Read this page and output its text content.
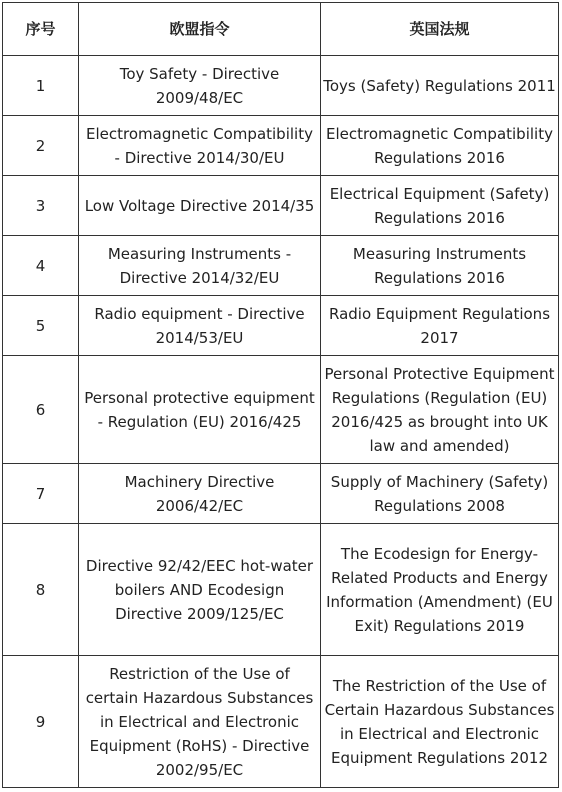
序号	欧盟指令	英国法规
1	Toy Safety - Directive 2009/48/EC	Toys (Safety) Regulations 2011
2	Electromagnetic Compatibility - Directive 2014/30/EU	Electromagnetic Compatibility Regulations 2016
3	Low Voltage Directive 2014/35	Electrical Equipment (Safety) Regulations 2016
4	Measuring Instruments - Directive 2014/32/EU	Measuring Instruments Regulations 2016
5	Radio equipment - Directive 2014/53/EU	Radio Equipment Regulations 2017
6	Personal protective equipment - Regulation (EU) 2016/425	Personal Protective Equipment Regulations (Regulation (EU) 2016/425 as brought into UK law and amended)
7	Machinery Directive 2006/42/EC	Supply of Machinery (Safety) Regulations 2008
8	Directive 92/42/EEC hot-water boilers AND Ecodesign Directive 2009/125/EC	The Ecodesign for Energy-Related Products and Energy Information (Amendment) (EU Exit) Regulations 2019
9	Restriction of the Use of certain Hazardous Substances in Electrical and Electronic Equipment (RoHS) - Directive 2002/95/EC	The Restriction of the Use of Certain Hazardous Substances in Electrical and Electronic Equipment Regulations 2012
